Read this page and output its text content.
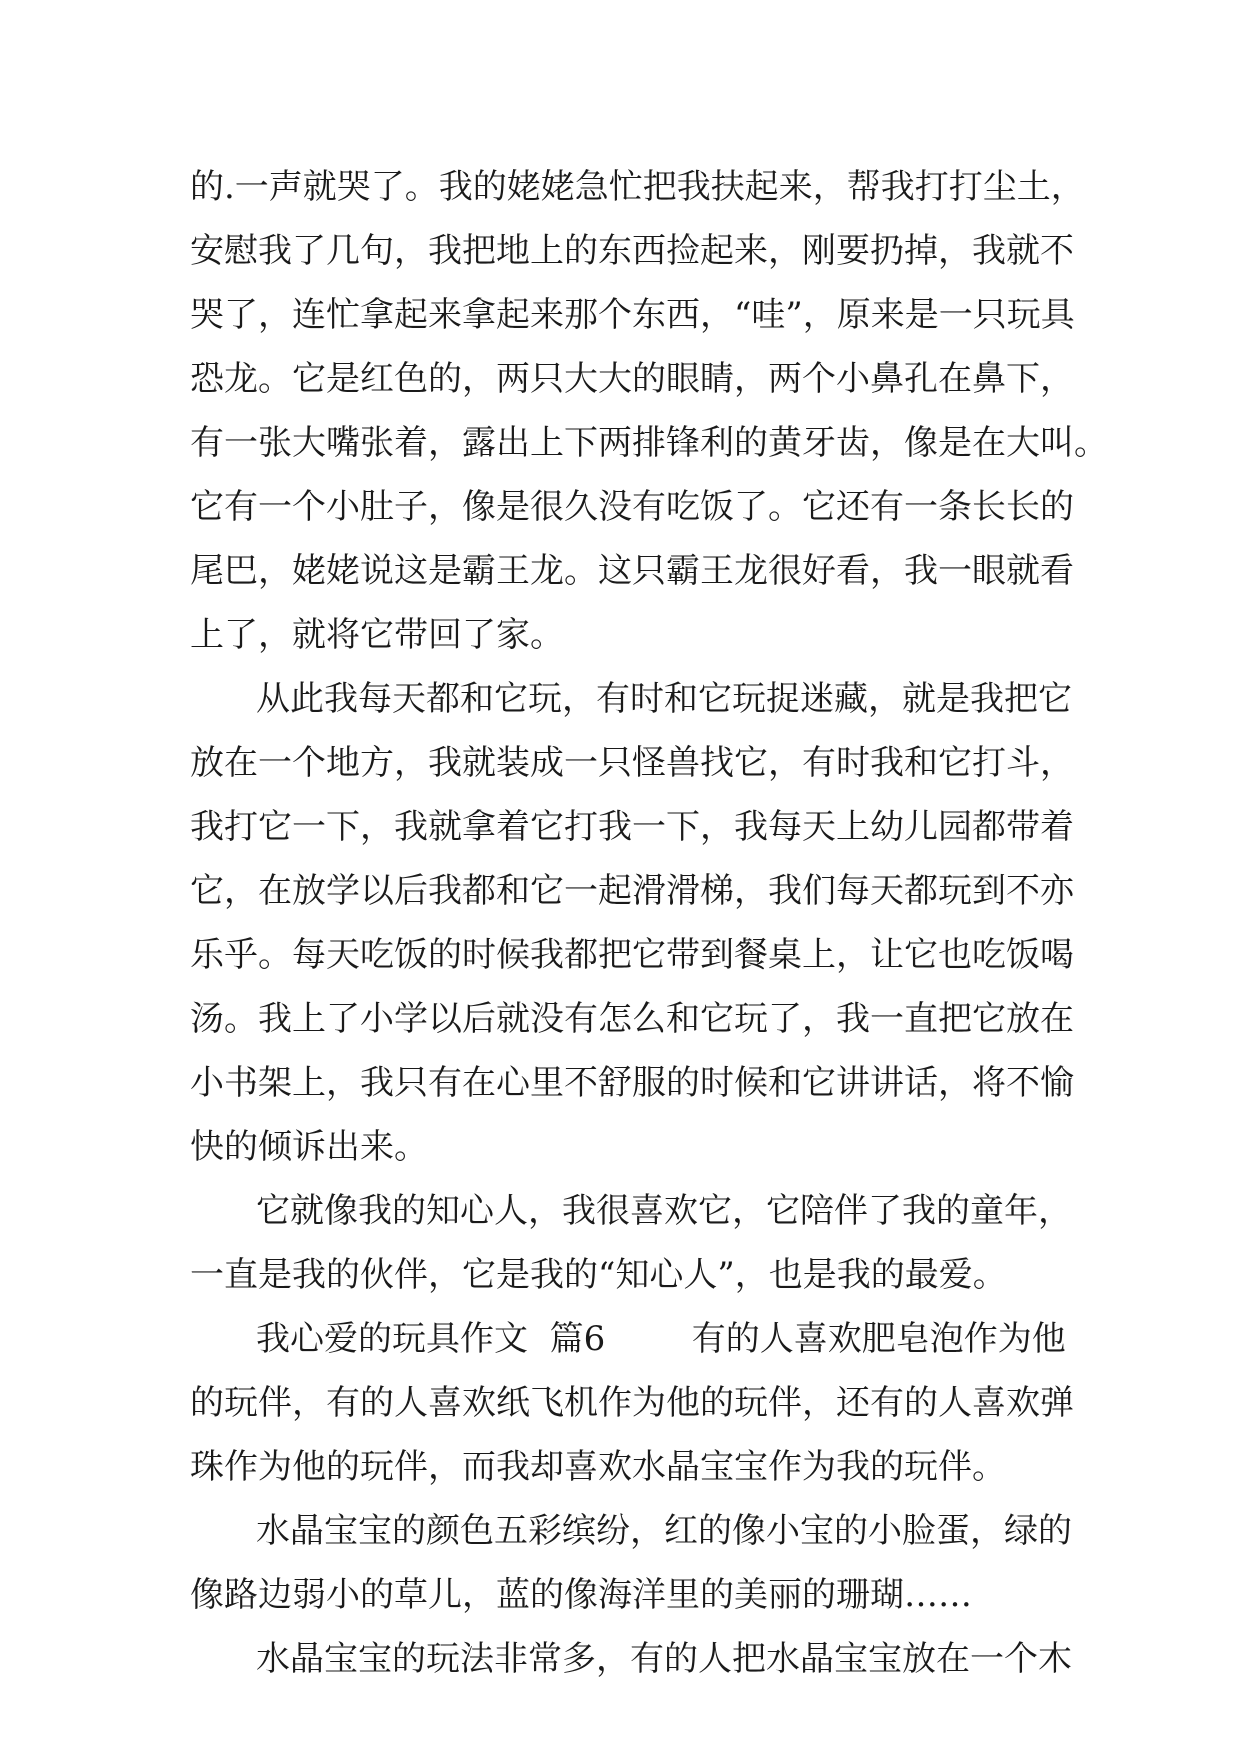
的.一声就哭了。我的姥姥急忙把我扶起来，帮我打打尘土，
安慰我了几句，我把地上的东西捡起来，刚要扔掉，我就不
哭了，连忙拿起来拿起来那个东西，“哇”，原来是一只玩具
恐龙。它是红色的，两只大大的眼睛，两个小鼻孔在鼻下，
有一张大嘴张着，露出上下两排锋利的黄牙齿，像是在大叫。
它有一个小肚子，像是很久没有吃饭了。它还有一条长长的
尾巴，姥姥说这是霸王龙。这只霸王龙很好看，我一眼就看
上了，就将它带回了家。
从此我每天都和它玩，有时和它玩捉迷藏，就是我把它
放在一个地方，我就装成一只怪兽找它，有时我和它打斗，
我打它一下，我就拿着它打我一下，我每天上幼儿园都带着
它，在放学以后我都和它一起滑滑梯，我们每天都玩到不亦
乐乎。每天吃饭的时候我都把它带到餐桌上，让它也吃饭喝
汤。我上了小学以后就没有怎么和它玩了，我一直把它放在
小书架上，我只有在心里不舒服的时候和它讲讲话，将不愉
快的倾诉出来。
它就像我的知心人，我很喜欢它，它陪伴了我的童年，
一直是我的伙伴，它是我的“知心人”，也是我的最爱。
我心爱的玩具作文  篇6        有的人喜欢肥皂泡作为他
的玩伴，有的人喜欢纸飞机作为他的玩伴，还有的人喜欢弹
珠作为他的玩伴，而我却喜欢水晶宝宝作为我的玩伴。
水晶宝宝的颜色五彩缤纷，红的像小宝的小脸蛋，绿的
像路边弱小的草儿，蓝的像海洋里的美丽的珊瑚……
水晶宝宝的玩法非常多，有的人把水晶宝宝放在一个木
